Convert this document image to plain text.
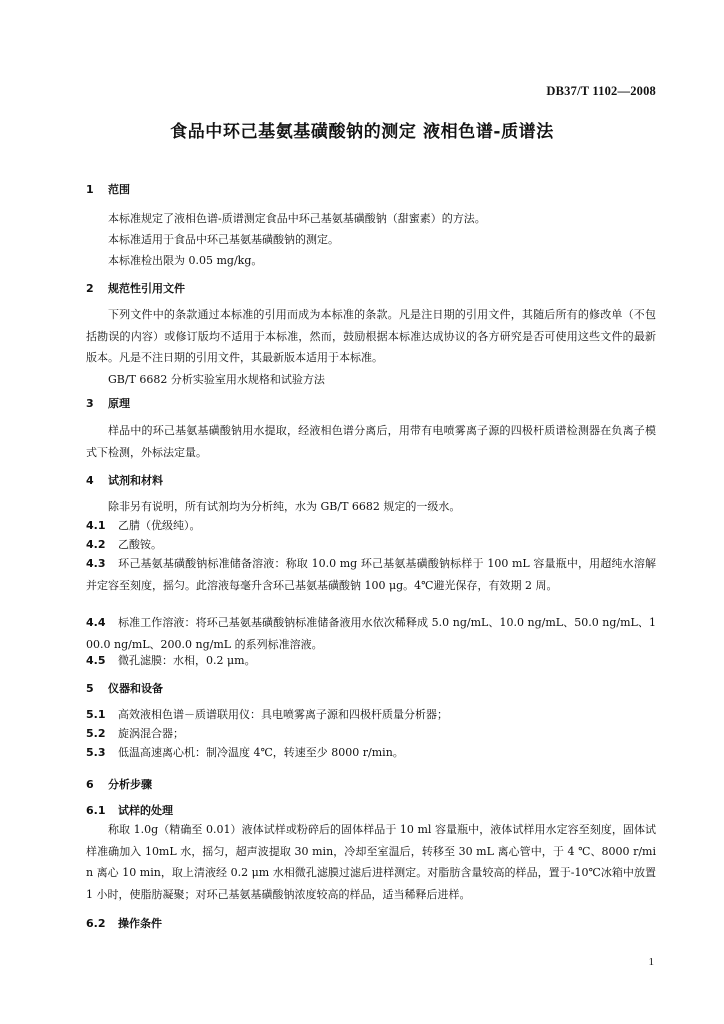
DB37/T 1102—2008
食品中环己基氨基磺酸钠的测定 液相色谱-质谱法
1 范围
本标准规定了液相色谱-质谱测定食品中环己基氨基磺酸钠（甜蜜素）的方法。
本标准适用于食品中环己基氨基磺酸钠的测定。
本标准检出限为 0.05 mg/kg。
2 规范性引用文件
下列文件中的条款通过本标准的引用而成为本标准的条款。凡是注日期的引用文件，其随后所有的修改单（不包括勘误的内容）或修订版均不适用于本标准，然而，鼓励根据本标准达成协议的各方研究是否可使用这些文件的最新版本。凡是不注日期的引用文件，其最新版本适用于本标准。
GB/T 6682 分析实验室用水规格和试验方法
3 原理
样品中的环己基氨基磺酸钠用水提取，经液相色谱分离后，用带有电喷雾离子源的四极杆质谱检测器在负离子模式下检测，外标法定量。
4 试剂和材料
除非另有说明，所有试剂均为分析纯，水为 GB/T 6682 规定的一级水。
4.1 乙腈（优级纯）。
4.2 乙酸铵。
4.3 环己基氨基磺酸钠标准储备溶液：称取 10.0 mg 环己基氨基磺酸钠标样于 100 mL 容量瓶中，用超纯水溶解并定容至刻度，摇匀。此溶液每毫升含环己基氨基磺酸钠 100 μg。4℃避光保存，有效期 2 周。
4.4 标准工作溶液：将环己基氨基磺酸钠标准储备液用水依次稀释成 5.0 ng/mL、10.0 ng/mL、50.0 ng/mL、100.0 ng/mL、200.0 ng/mL 的系列标准溶液。
4.5 微孔滤膜：水相，0.2 μm。
5 仪器和设备
5.1 高效液相色谱－质谱联用仪：具电喷雾离子源和四极杆质量分析器；
5.2 旋涡混合器；
5.3 低温高速离心机：制冷温度 4℃，转速至少 8000 r/min。
6 分析步骤
6.1 试样的处理
称取 1.0g（精确至 0.01）液体试样或粉碎后的固体样品于 10 ml 容量瓶中，液体试样用水定容至刻度，固体试样准确加入 10mL 水，摇匀，超声波提取 30 min，冷却至室温后，转移至 30 mL 离心管中，于 4 ℃、8000 r/min 离心 10 min，取上清液经 0.2 μm 水相微孔滤膜过滤后进样测定。对脂肪含量较高的样品，置于-10℃冰箱中放置 1 小时，使脂肪凝聚；对环己基氨基磺酸钠浓度较高的样品，适当稀释后进样。
6.2 操作条件
1
